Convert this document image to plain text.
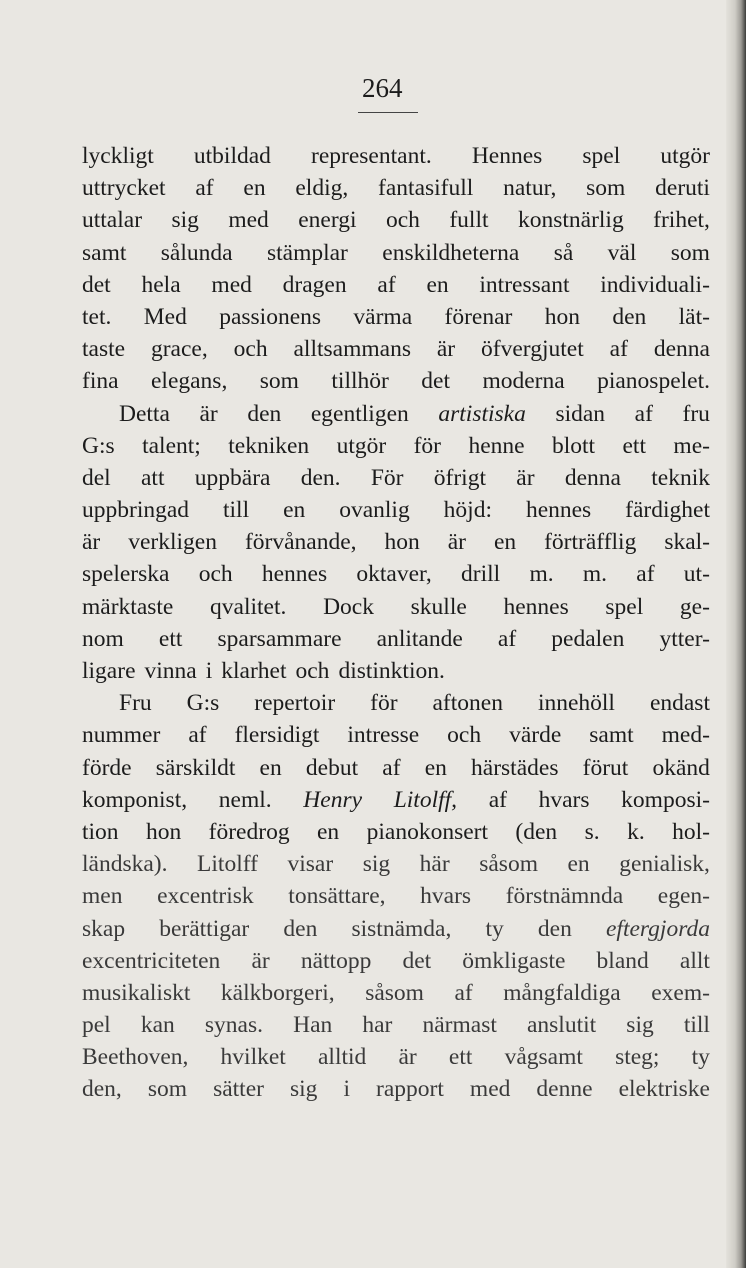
264
lyckligt utbildad representant. Hennes spel utgör
uttrycket af en eldig, fantasifull natur, som deruti
uttalar sig med energi och fullt konstnärlig frihet,
samt sålunda stämplar enskildheterna så väl som
det hela med dragen af en intressant individuali-
tet. Med passionens värma förenar hon den lät-
taste grace, och alltsammans är öfvergjutet af denna
fina elegans, som tillhör det moderna pianospelet.
Detta är den egentligen artistiska sidan af fru
G:s talent; tekniken utgör för henne blott ett me-
del att uppbära den. För öfrigt är denna teknik
uppbringad till en ovanlig höjd: hennes färdighet
är verkligen förvånande, hon är en förträfflig skal-
spelerska och hennes oktaver, drill m. m. af ut-
märktaste qvalitet. Dock skulle hennes spel ge-
nom ett sparsammare anlitande af pedalen ytter-
ligare vinna i klarhet och distinktion.
Fru G:s repertoir för aftonen innehöll endast
nummer af flersidigt intresse och värde samt med-
förde särskildt en debut af en härstädes förut okänd
komponist, neml. Henry Litolff, af hvars komposi-
tion hon föredrog en pianokonsert (den s. k. hol-
ländska). Litolff visar sig här såsom en genialisk,
men excentrisk tonsättare, hvars förstnämnda egen-
skap berättigar den sistnämda, ty den eftergjorda
excentriciteten är nättopp det ömkligaste bland allt
musikaliskt kälkborgeri, såsom af mångfaldiga exem-
pel kan synas. Han har närmast anslutit sig till
Beethoven, hvilket alltid är ett vågsamt steg; ty
den, som sätter sig i rapport med denne elektriske
